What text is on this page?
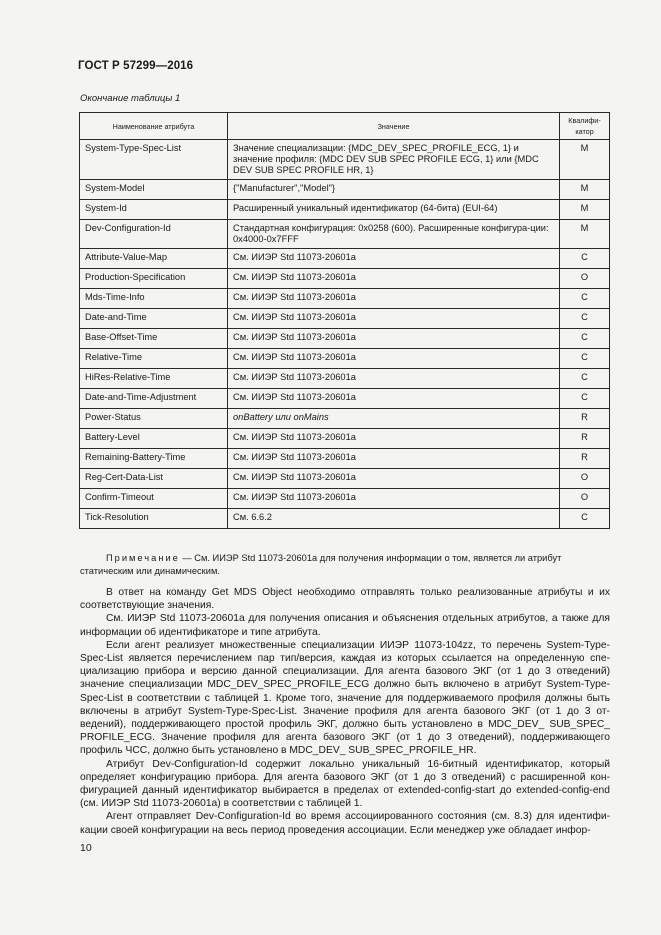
ГОСТ Р 57299—2016
Окончание таблицы 1
Наименование атрибута	Значение	Квалифи-катор
System-Type-Spec-List	Значение специализации: {MDC_DEV_SPEC_PROFILE_ECG, 1} и значение профиля: {MDC DEV SUB SPEC PROFILE ECG, 1} или {MDC DEV SUB SPEC PROFILE HR, 1}	M
System-Model	{"Manufacturer","Model"}	M
System-Id	Расширенный уникальный идентификатор (64-бита) (EUI-64)	M
Dev-Configuration-Id	Стандартная конфигурация: 0x0258 (600). Расширенные конфигура-ции: 0x4000-0x7FFF	M
Attribute-Value-Map	См. ИИЭР Std 11073-20601a	C
Production-Specification	См. ИИЭР Std 11073-20601a	O
Mds-Time-Info	См. ИИЭР Std 11073-20601a	C
Date-and-Time	См. ИИЭР Std 11073-20601a	C
Base-Offset-Time	См. ИИЭР Std 11073-20601a	C
Relative-Time	См. ИИЭР Std 11073-20601a	C
HiRes-Relative-Time	См. ИИЭР Std 11073-20601a	C
Date-and-Time-Adjustment	См. ИИЭР Std 11073-20601a	C
Power-Status	onBattery или onMains	R
Battery-Level	См. ИИЭР Std 11073-20601a	R
Remaining-Battery-Time	См. ИИЭР Std 11073-20601a	R
Reg-Cert-Data-List	См. ИИЭР Std 11073-20601a	O
Confirm-Timeout	См. ИИЭР Std 11073-20601a	O
Tick-Resolution	См. 6.6.2	C
Примечание — См. ИИЭР Std 11073-20601a для получения информации о том, является ли атрибут статическим или динамическим.

В ответ на команду Get MDS Object необходимо отправлять только реализованные атрибуты и их соответствующие значения.

См. ИИЭР Std 11073-20601a для получения описания и объяснения отдельных атрибутов, а также для информации об идентификаторе и типе атрибута.

Если агент реализует множественные специализации ИИЭР 11073-104zz, то перечень System-Type-Spec-List является перечислением пар тип/версия, каждая из которых ссылается на определенную спе-циализацию прибора и версию данной специализации. Для агента базового ЭКГ (от 1 до 3 отведений) значение специализации MDC_DEV_SPEC_PROFILE_ECG должно быть включено в атрибут System-Type-Spec-List в соответствии с таблицей 1. Кроме того, значение для поддерживаемого профиля должны быть включены в атрибут System-Type-Spec-List. Значение профиля для агента базового ЭКГ (от 1 до 3 от-ведений), поддерживающего простой профиль ЭКГ, должно быть установлено в MDC_DEV_ SUB_SPEC_ PROFILE_ECG. Значение профиля для агента базового ЭКГ (от 1 до 3 отведений), поддерживающего профиль ЧСС, должно быть установлено в MDC_DEV_ SUB_SPEC_PROFILE_HR.

Атрибут Dev-Configuration-Id содержит локально уникальный 16-битный идентификатор, который определяет конфигурацию прибора. Для агента базового ЭКГ (от 1 до 3 отведений) с расширенной кон-фигурацией данный идентификатор выбирается в пределах от extended-config-start до extended-config-end (см. ИИЭР Std 11073-20601a) в соответствии с таблицей 1.

Агент отправляет Dev-Configuration-Id во время ассоциированного состояния (см. 8.3) для идентифи-кации своей конфигурации на весь период проведения ассоциации. Если менеджер уже обладает инфор-

10
